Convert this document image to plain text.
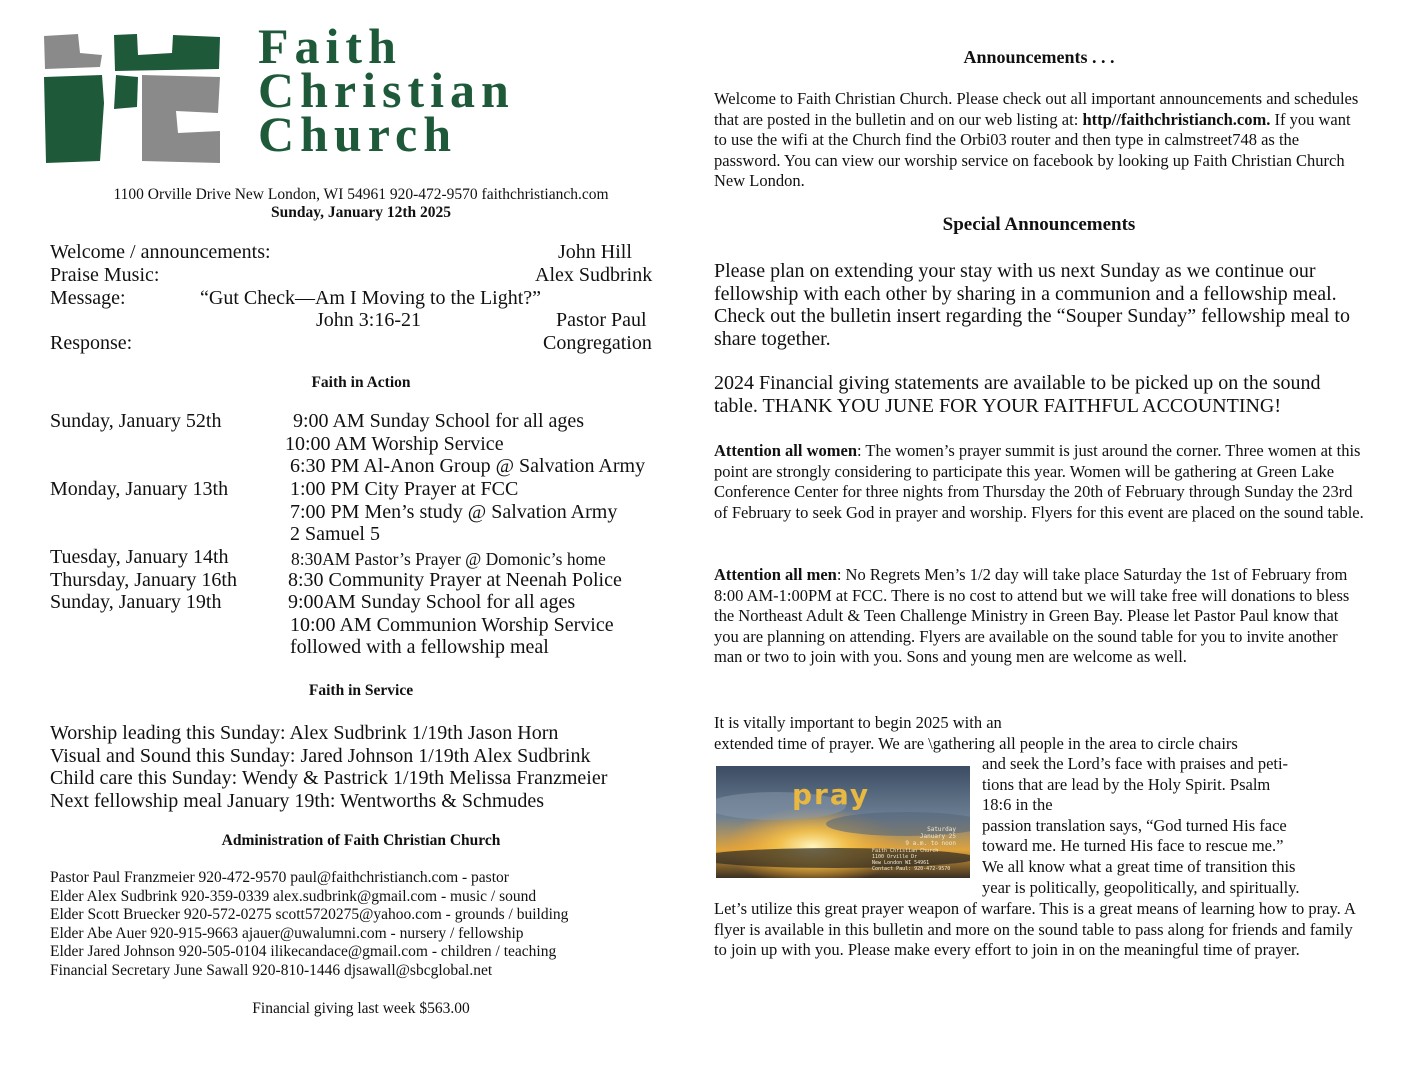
Faith
Christian
Church
1100 Orville Drive New London, WI 54961 920-472-9570 faithchristianch.com
Sunday, January 12th 2025
Welcome / announcements:	John Hill
Praise Music:	Alex Sudbrink
Message:	“Gut Check—Am I Moving to the Light?”
John 3:16-21	Pastor Paul
Response:	Congregation
Faith in Action
Sunday, January 52th	9:00 AM Sunday School for all ages
10:00 AM Worship Service
6:30 PM Al-Anon Group @ Salvation Army
Monday, January 13th	1:00 PM City Prayer at FCC
7:00 PM Men’s study @ Salvation Army
2 Samuel 5
Tuesday, January 14th	8:30AM Pastor’s Prayer @ Domonic’s home
Thursday, January 16th	8:30 Community Prayer at Neenah Police
Sunday, January 19th	9:00AM Sunday School for all ages
10:00 AM Communion Worship Service
followed with a fellowship meal
Faith in Service
Worship leading this Sunday: Alex Sudbrink 1/19th Jason Horn
Visual and Sound this Sunday: Jared Johnson 1/19th Alex Sudbrink
Child care this Sunday: Wendy & Pastrick 1/19th Melissa Franzmeier
Next fellowship meal January 19th: Wentworths & Schmudes
Administration of Faith Christian Church
Pastor Paul Franzmeier 920-472-9570 paul@faithchristianch.com - pastor
Elder Alex Sudbrink 920-359-0339 alex.sudbrink@gmail.com - music / sound
Elder Scott Bruecker 920-572-0275 scott5720275@yahoo.com - grounds / building
Elder Abe Auer 920-915-9663 ajauer@uwalumni.com - nursery / fellowship
Elder Jared Johnson 920-505-0104 ilikecandace@gmail.com - children / teaching
Financial Secretary June Sawall 920-810-1446 djsawall@sbcglobal.net
Financial giving last week $563.00
Announcements . . .
Welcome to Faith Christian Church. Please check out all important announcements and schedules that are posted in the bulletin and on our web listing at: http//faithchristianch.com. If you want to use the wifi at the Church find the Orbi03 router and then type in calmstreet748 as the password. You can view our worship service on facebook by looking up Faith Christian Church New London.
Special Announcements
Please plan on extending your stay with us next Sunday as we continue our fellowship with each other by sharing in a communion and a fellowship meal. Check out the bulletin insert regarding the “Souper Sunday” fellowship meal to share together.
2024 Financial giving statements are available to be picked up on the sound table. THANK YOU JUNE FOR YOUR FAITHFUL ACCOUNTING!
Attention all women: The women’s prayer summit is just around the corner. Three women at this point are strongly considering to participate this year. Women will be gathering at Green Lake Conference Center for three nights from Thursday the 20th of February through Sunday the 23rd of February to seek God in prayer and worship. Flyers for this event are placed on the sound table.
Attention all men: No Regrets Men’s 1/2 day will take place Saturday the 1st of February from 8:00 AM-1:00PM at FCC. There is no cost to attend but we will take free will donations to bless the Northeast Adult & Teen Challenge Ministry in Green Bay. Please let Pastor Paul know that you are planning on attending. Flyers are available on the sound table for you to invite another man or two to join with you. Sons and young men are welcome as well.
It is vitally important to begin 2025 with an
extended time of prayer. We are \gathering all people in the area to circle chairs
pray
Saturday
January 25
9 a.m. to noon
Faith Christian Church
1100 Orville Dr
New London WI 54961
Contact Paul: 920-472-9570
and seek the Lord’s face with praises and peti-
tions that are lead by the Holy Spirit. Psalm
18:6 in the
passion translation says, “God turned His face
toward me. He turned His face to rescue me.”
We all know what a great time of transition this
year is politically, geopolitically, and spiritually.
Let’s utilize this great prayer weapon of warfare. This is a great means of learning how to pray. A flyer is available in this bulletin and more on the sound table to pass along for friends and family to join up with you. Please make every effort to join in on the meaningful time of prayer.
